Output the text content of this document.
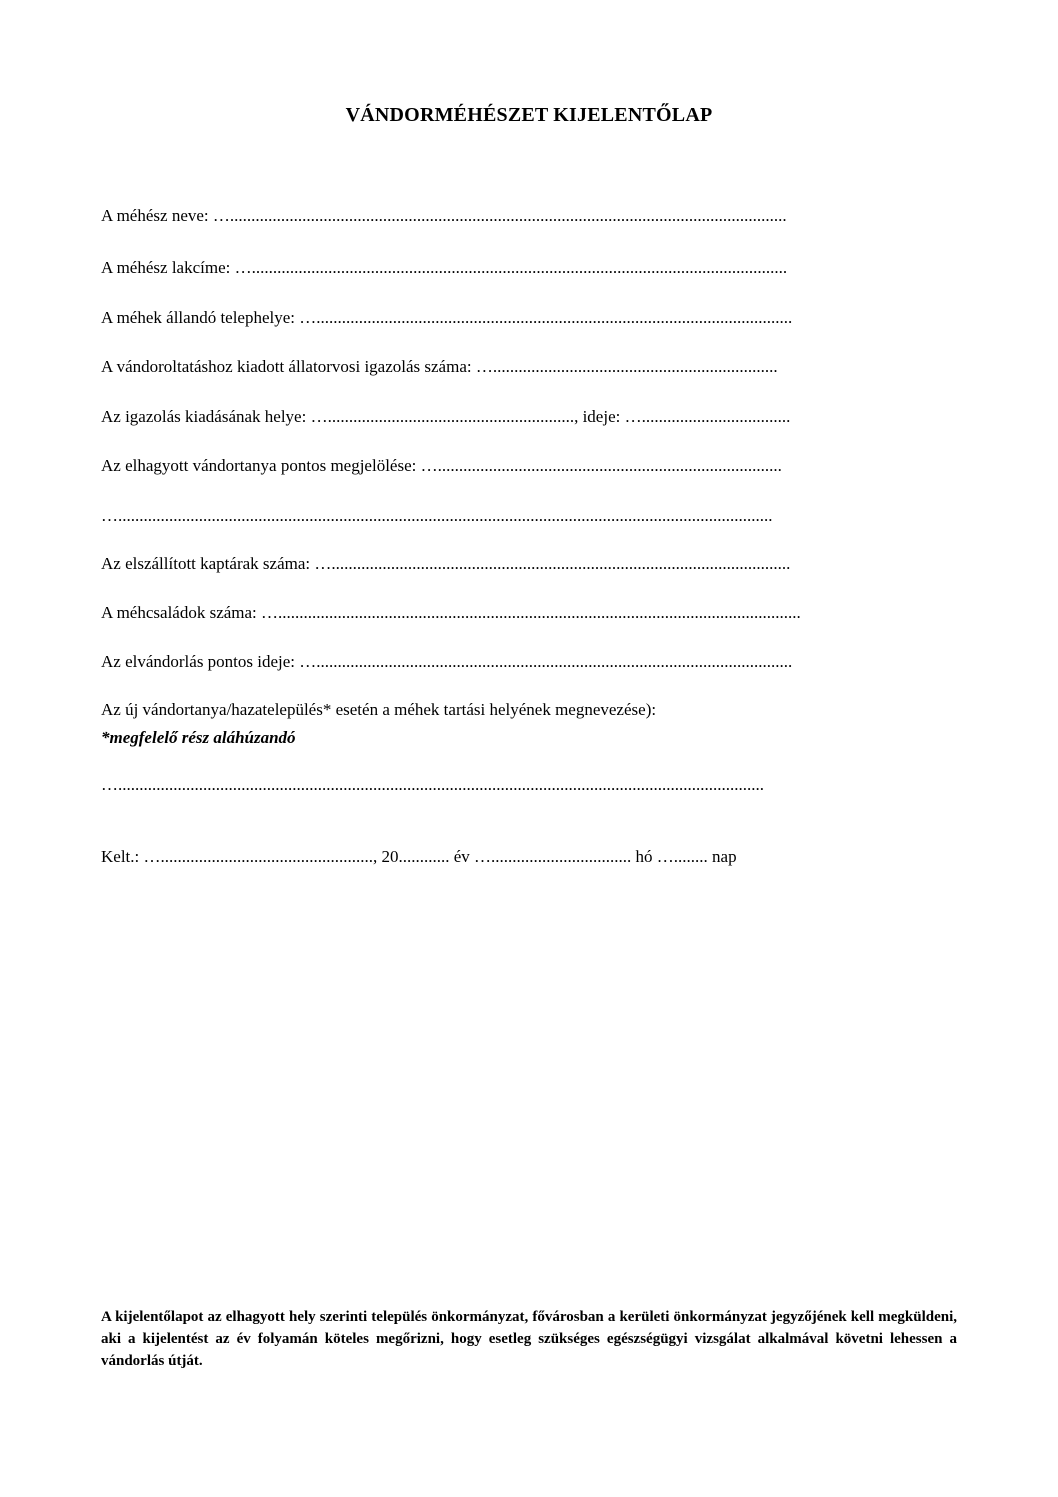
VÁNDORMÉHÉSZET KIJELENTŐLAP
A méhész neve: …...................................................................................................................................
A méhész lakcíme: …..............................................................................................................................
A méhek állandó telephelye: …................................................................................................................
A vándoroltatáshoz kiadott állatorvosi igazolás száma: …...................................................................
Az igazolás kiadásának helye: ….........................................................., ideje: …...................................
Az elhagyott vándortanya pontos megjelölése: ….................................................................................
…..........................................................................................................................................................
Az elszállított kaptárak száma: …............................................................................................................
A méhcsaládok száma: …...........................................................................................................................
Az elvándorlás pontos ideje: …................................................................................................................
Az új vándortanya/hazatelepülés* esetén a méhek tartási helyének megnevezése):
*megfelelő rész aláhúzandó
…........................................................................................................................................................
Kelt.: ….................................................., 20............ év …................................. hó …........ nap
A kijelentőlapot az elhagyott hely szerinti település önkormányzat, fővárosban a kerületi önkormányzat jegyzőjének kell megküldeni, aki a kijelentést az év folyamán köteles megőrizni, hogy esetleg szükséges egészségügyi vizsgálat alkalmával követni lehessen a vándorlás útját.
